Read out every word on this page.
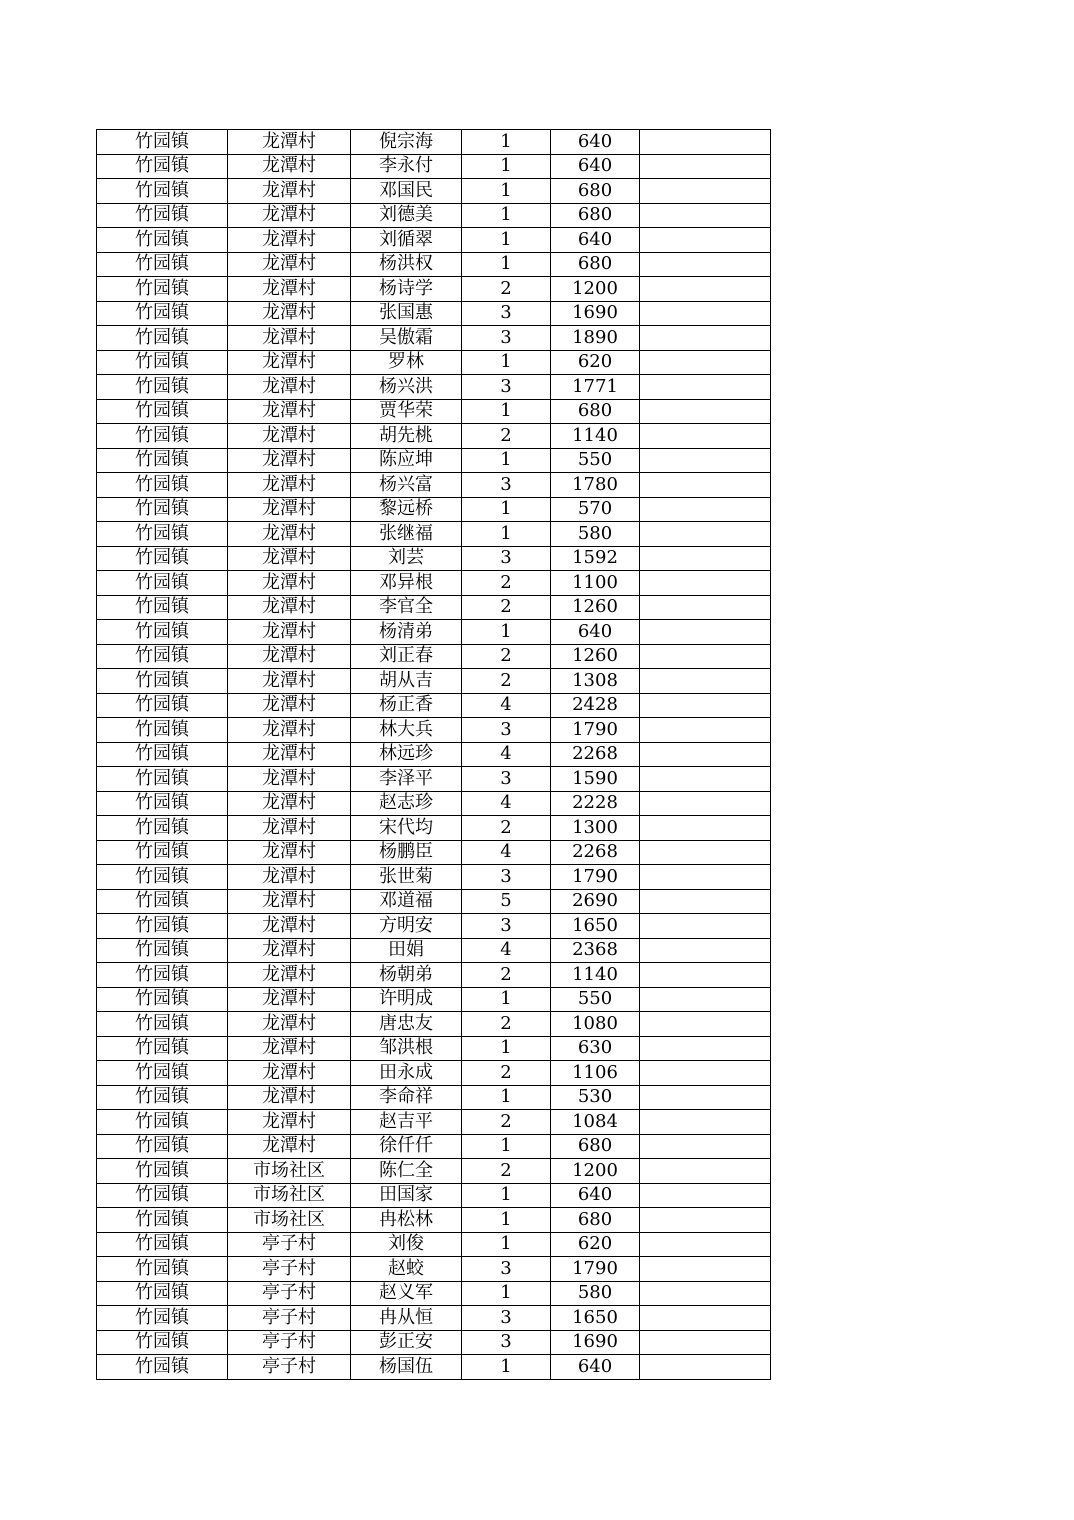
竹园镇	龙潭村	倪宗海	1	640	
竹园镇	龙潭村	李永付	1	640	
竹园镇	龙潭村	邓国民	1	680	
竹园镇	龙潭村	刘德美	1	680	
竹园镇	龙潭村	刘循翠	1	640	
竹园镇	龙潭村	杨洪权	1	680	
竹园镇	龙潭村	杨诗学	2	1200	
竹园镇	龙潭村	张国惠	3	1690	
竹园镇	龙潭村	吴傲霜	3	1890	
竹园镇	龙潭村	罗林	1	620	
竹园镇	龙潭村	杨兴洪	3	1771	
竹园镇	龙潭村	贾华荣	1	680	
竹园镇	龙潭村	胡先桃	2	1140	
竹园镇	龙潭村	陈应坤	1	550	
竹园镇	龙潭村	杨兴富	3	1780	
竹园镇	龙潭村	黎远桥	1	570	
竹园镇	龙潭村	张继福	1	580	
竹园镇	龙潭村	刘芸	3	1592	
竹园镇	龙潭村	邓异根	2	1100	
竹园镇	龙潭村	李官全	2	1260	
竹园镇	龙潭村	杨清弟	1	640	
竹园镇	龙潭村	刘正春	2	1260	
竹园镇	龙潭村	胡从吉	2	1308	
竹园镇	龙潭村	杨正香	4	2428	
竹园镇	龙潭村	林大兵	3	1790	
竹园镇	龙潭村	林远珍	4	2268	
竹园镇	龙潭村	李泽平	3	1590	
竹园镇	龙潭村	赵志珍	4	2228	
竹园镇	龙潭村	宋代均	2	1300	
竹园镇	龙潭村	杨鹏臣	4	2268	
竹园镇	龙潭村	张世菊	3	1790	
竹园镇	龙潭村	邓道福	5	2690	
竹园镇	龙潭村	方明安	3	1650	
竹园镇	龙潭村	田娟	4	2368	
竹园镇	龙潭村	杨朝弟	2	1140	
竹园镇	龙潭村	许明成	1	550	
竹园镇	龙潭村	唐忠友	2	1080	
竹园镇	龙潭村	邹洪根	1	630	
竹园镇	龙潭村	田永成	2	1106	
竹园镇	龙潭村	李命祥	1	530	
竹园镇	龙潭村	赵吉平	2	1084	
竹园镇	龙潭村	徐仟仟	1	680	
竹园镇	市场社区	陈仁全	2	1200	
竹园镇	市场社区	田国家	1	640	
竹园镇	市场社区	冉松林	1	680	
竹园镇	亭子村	刘俊	1	620	
竹园镇	亭子村	赵蛟	3	1790	
竹园镇	亭子村	赵义军	1	580	
竹园镇	亭子村	冉从恒	3	1650	
竹园镇	亭子村	彭正安	3	1690	
竹园镇	亭子村	杨国伍	1	640	
